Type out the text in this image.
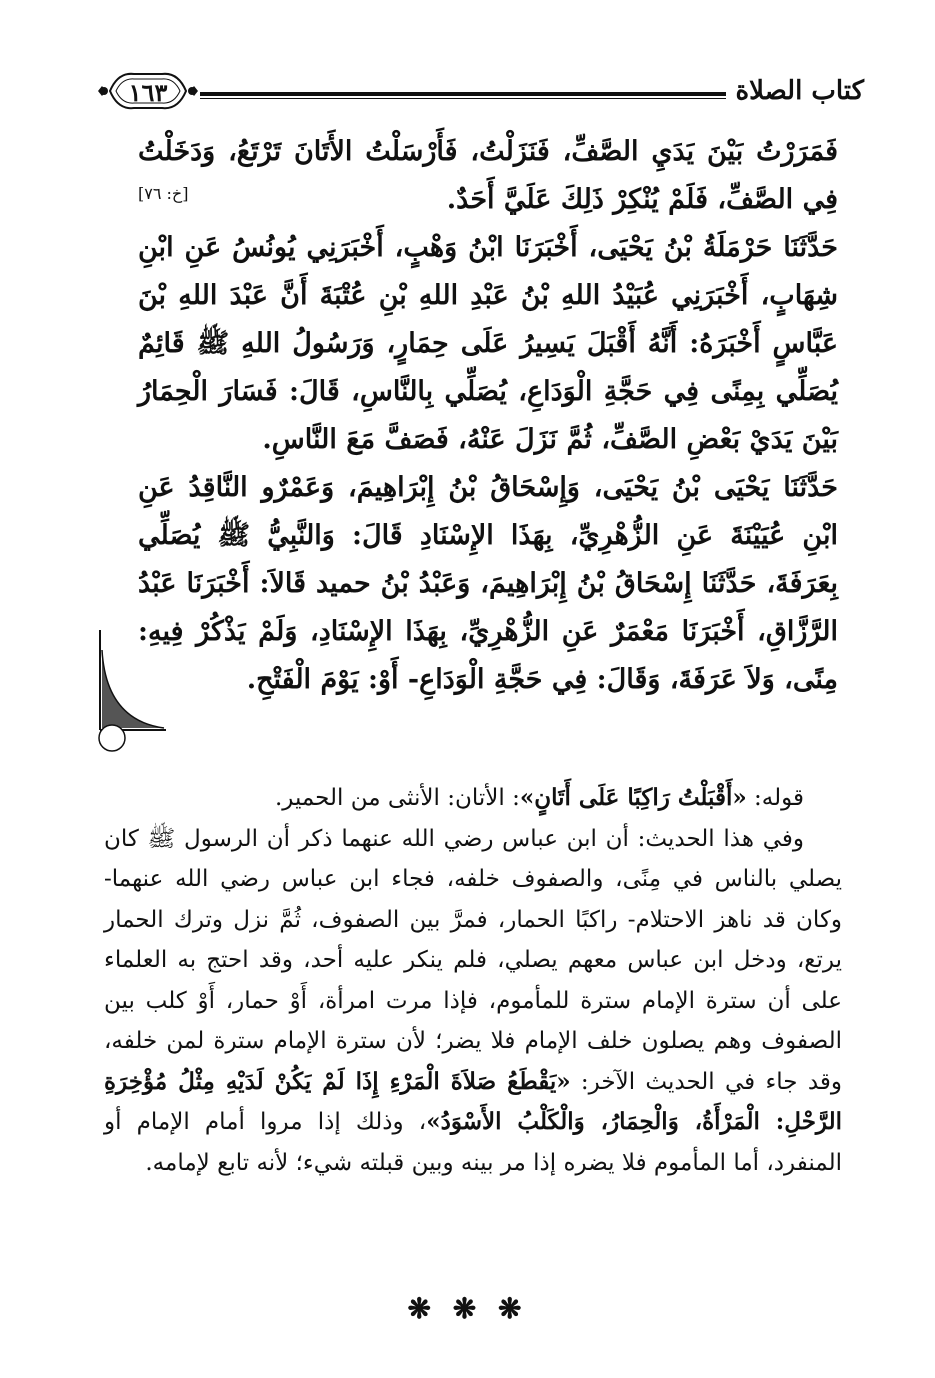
كتاب الصلاة
١٦٣

فَمَرَرْتُ بَيْنَ يَدَيِ الصَّفِّ، فَنَزَلْتُ، فَأَرْسَلْتُ الأَتَانَ تَرْتَعُ، وَدَخَلْتُ فِي الصَّفِّ، فَلَمْ يُنْكِرْ ذَلِكَ عَلَيَّ أَحَدٌ.
[خ: ٧٦]

حَدَّثَنَا حَرْمَلَةُ بْنُ يَحْيَى، أَخْبَرَنَا ابْنُ وَهْبٍ، أَخْبَرَنِي يُونُسُ عَنِ ابْنِ شِهَابٍ، أَخْبَرَنِي عُبَيْدُ اللهِ بْنُ عَبْدِ اللهِ بْنِ عُتْبَةَ أَنَّ عَبْدَ اللهِ بْنَ عَبَّاسٍ أَخْبَرَهُ: أَنَّهُ أَقْبَلَ يَسِيرُ عَلَى حِمَارٍ، وَرَسُولُ اللهِ ﷺ قَائِمٌ يُصَلِّي بِمِنًى فِي حَجَّةِ الْوَدَاعِ، يُصَلِّي بِالنَّاسِ، قَالَ: فَسَارَ الْحِمَارُ بَيْنَ يَدَيْ بَعْضِ الصَّفِّ، ثُمَّ نَزَلَ عَنْهُ، فَصَفَّ مَعَ النَّاسِ.

حَدَّثَنَا يَحْيَى بْنُ يَحْيَى، وَإِسْحَاقُ بْنُ إِبْرَاهِيمَ، وَعَمْرٌو النَّاقِدُ عَنِ ابْنِ عُيَيْنَةَ عَنِ الزُّهْرِيِّ، بِهَذَا الإِسْنَادِ قَالَ: وَالنَّبِيُّ ﷺ يُصَلِّي بِعَرَفَةَ، حَدَّثَنَا إِسْحَاقُ بْنُ إِبْرَاهِيمَ، وَعَبْدُ بْنُ حميد قَالاَ: أَخْبَرَنَا عَبْدُ الرَّزَّاقِ، أَخْبَرَنَا مَعْمَرٌ عَنِ الزُّهْرِيِّ، بِهَذَا الإِسْنَادِ، وَلَمْ يَذْكُرْ فِيهِ: مِنًى، وَلاَ عَرَفَةَ، وَقَالَ: فِي حَجَّةِ الْوَدَاعِ- أَوْ: يَوْمَ الْفَتْحِ.

قوله: «أَقْبَلْتُ رَاكِبًا عَلَى أَتَانٍ»: الأتان: الأنثى من الحمير.

وفي هذا الحديث: أن ابن عباس رضي الله عنهما ذكر أن الرسول ﷺ كان يصلي بالناس في مِنًى، والصفوف خلفه، فجاء ابن عباس رضي الله عنهما- وكان قد ناهز الاحتلام- راكبًا الحمار، فمرَّ بين الصفوف، ثُمَّ نزل وترك الحمار يرتع، ودخل ابن عباس معهم يصلي، فلم ينكر عليه أحد، وقد احتج به العلماء على أن سترة الإمام سترة للمأموم، فإذا مرت امرأة، أَوْ حمار، أَوْ كلب بين الصفوف وهم يصلون خلف الإمام فلا يضر؛ لأن سترة الإمام سترة لمن خلفه، وقد جاء في الحديث الآخر: «يَقْطَعُ صَلاَةَ الْمَرْءِ إِذَا لَمْ يَكُنْ لَدَيْهِ مِثْلُ مُؤْخِرَةِ الرَّحْلِ: الْمَرْأَةُ، وَالْحِمَارُ، وَالْكَلْبُ الأَسْوَدُ»، وذلك إذا مروا أمام الإمام أو المنفرد، أما المأموم فلا يضره إذا مر بينه وبين قبلته شيء؛ لأنه تابع لإمامه.

❋ ❋ ❋
